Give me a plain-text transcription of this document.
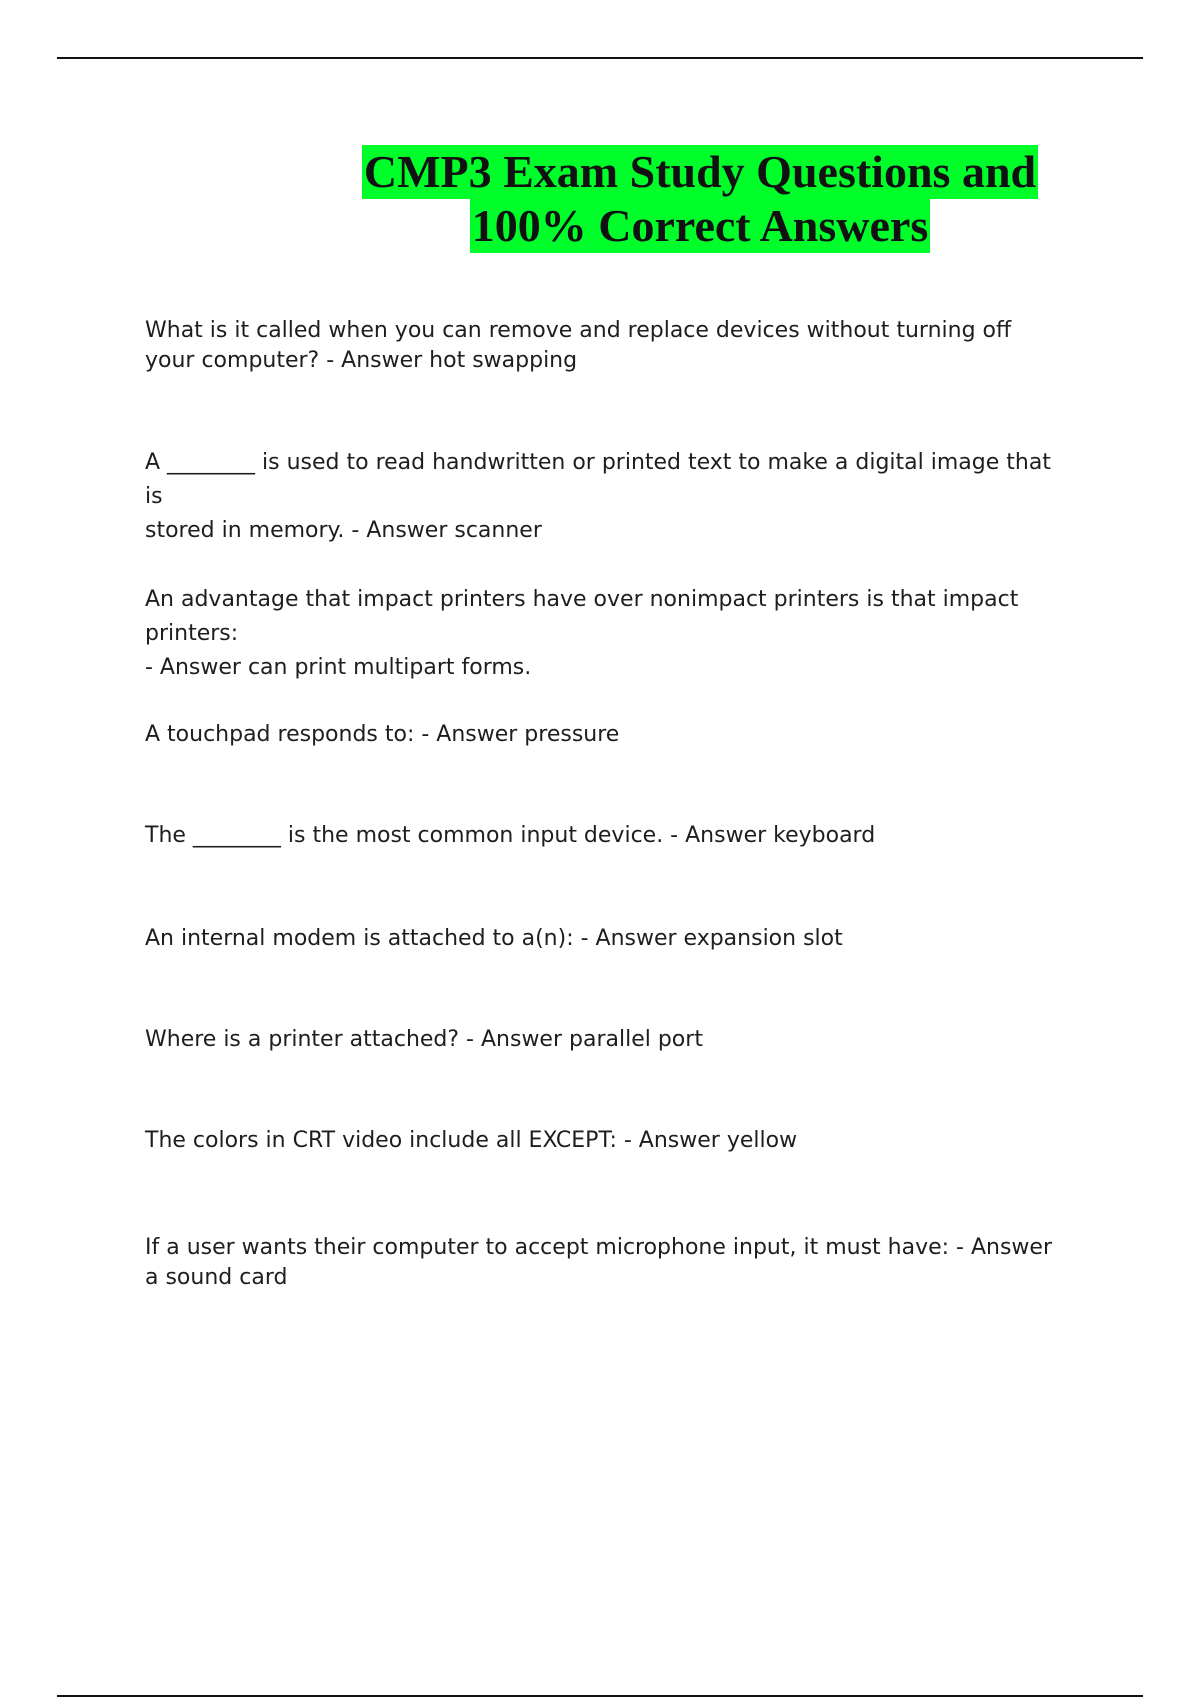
CMP3 Exam Study Questions and
100% Correct Answers

What is it called when you can remove and replace devices without turning off
your computer? - Answer hot swapping

A ________ is used to read handwritten or printed text to make a digital image that is
stored in memory. - Answer scanner

An advantage that impact printers have over nonimpact printers is that impact printers:
- Answer can print multipart forms.

A touchpad responds to: - Answer pressure

The ________ is the most common input device. - Answer keyboard

An internal modem is attached to a(n): - Answer expansion slot

Where is a printer attached? - Answer parallel port

The colors in CRT video include all EXCEPT: - Answer yellow

If a user wants their computer to accept microphone input, it must have: - Answer
a sound card
